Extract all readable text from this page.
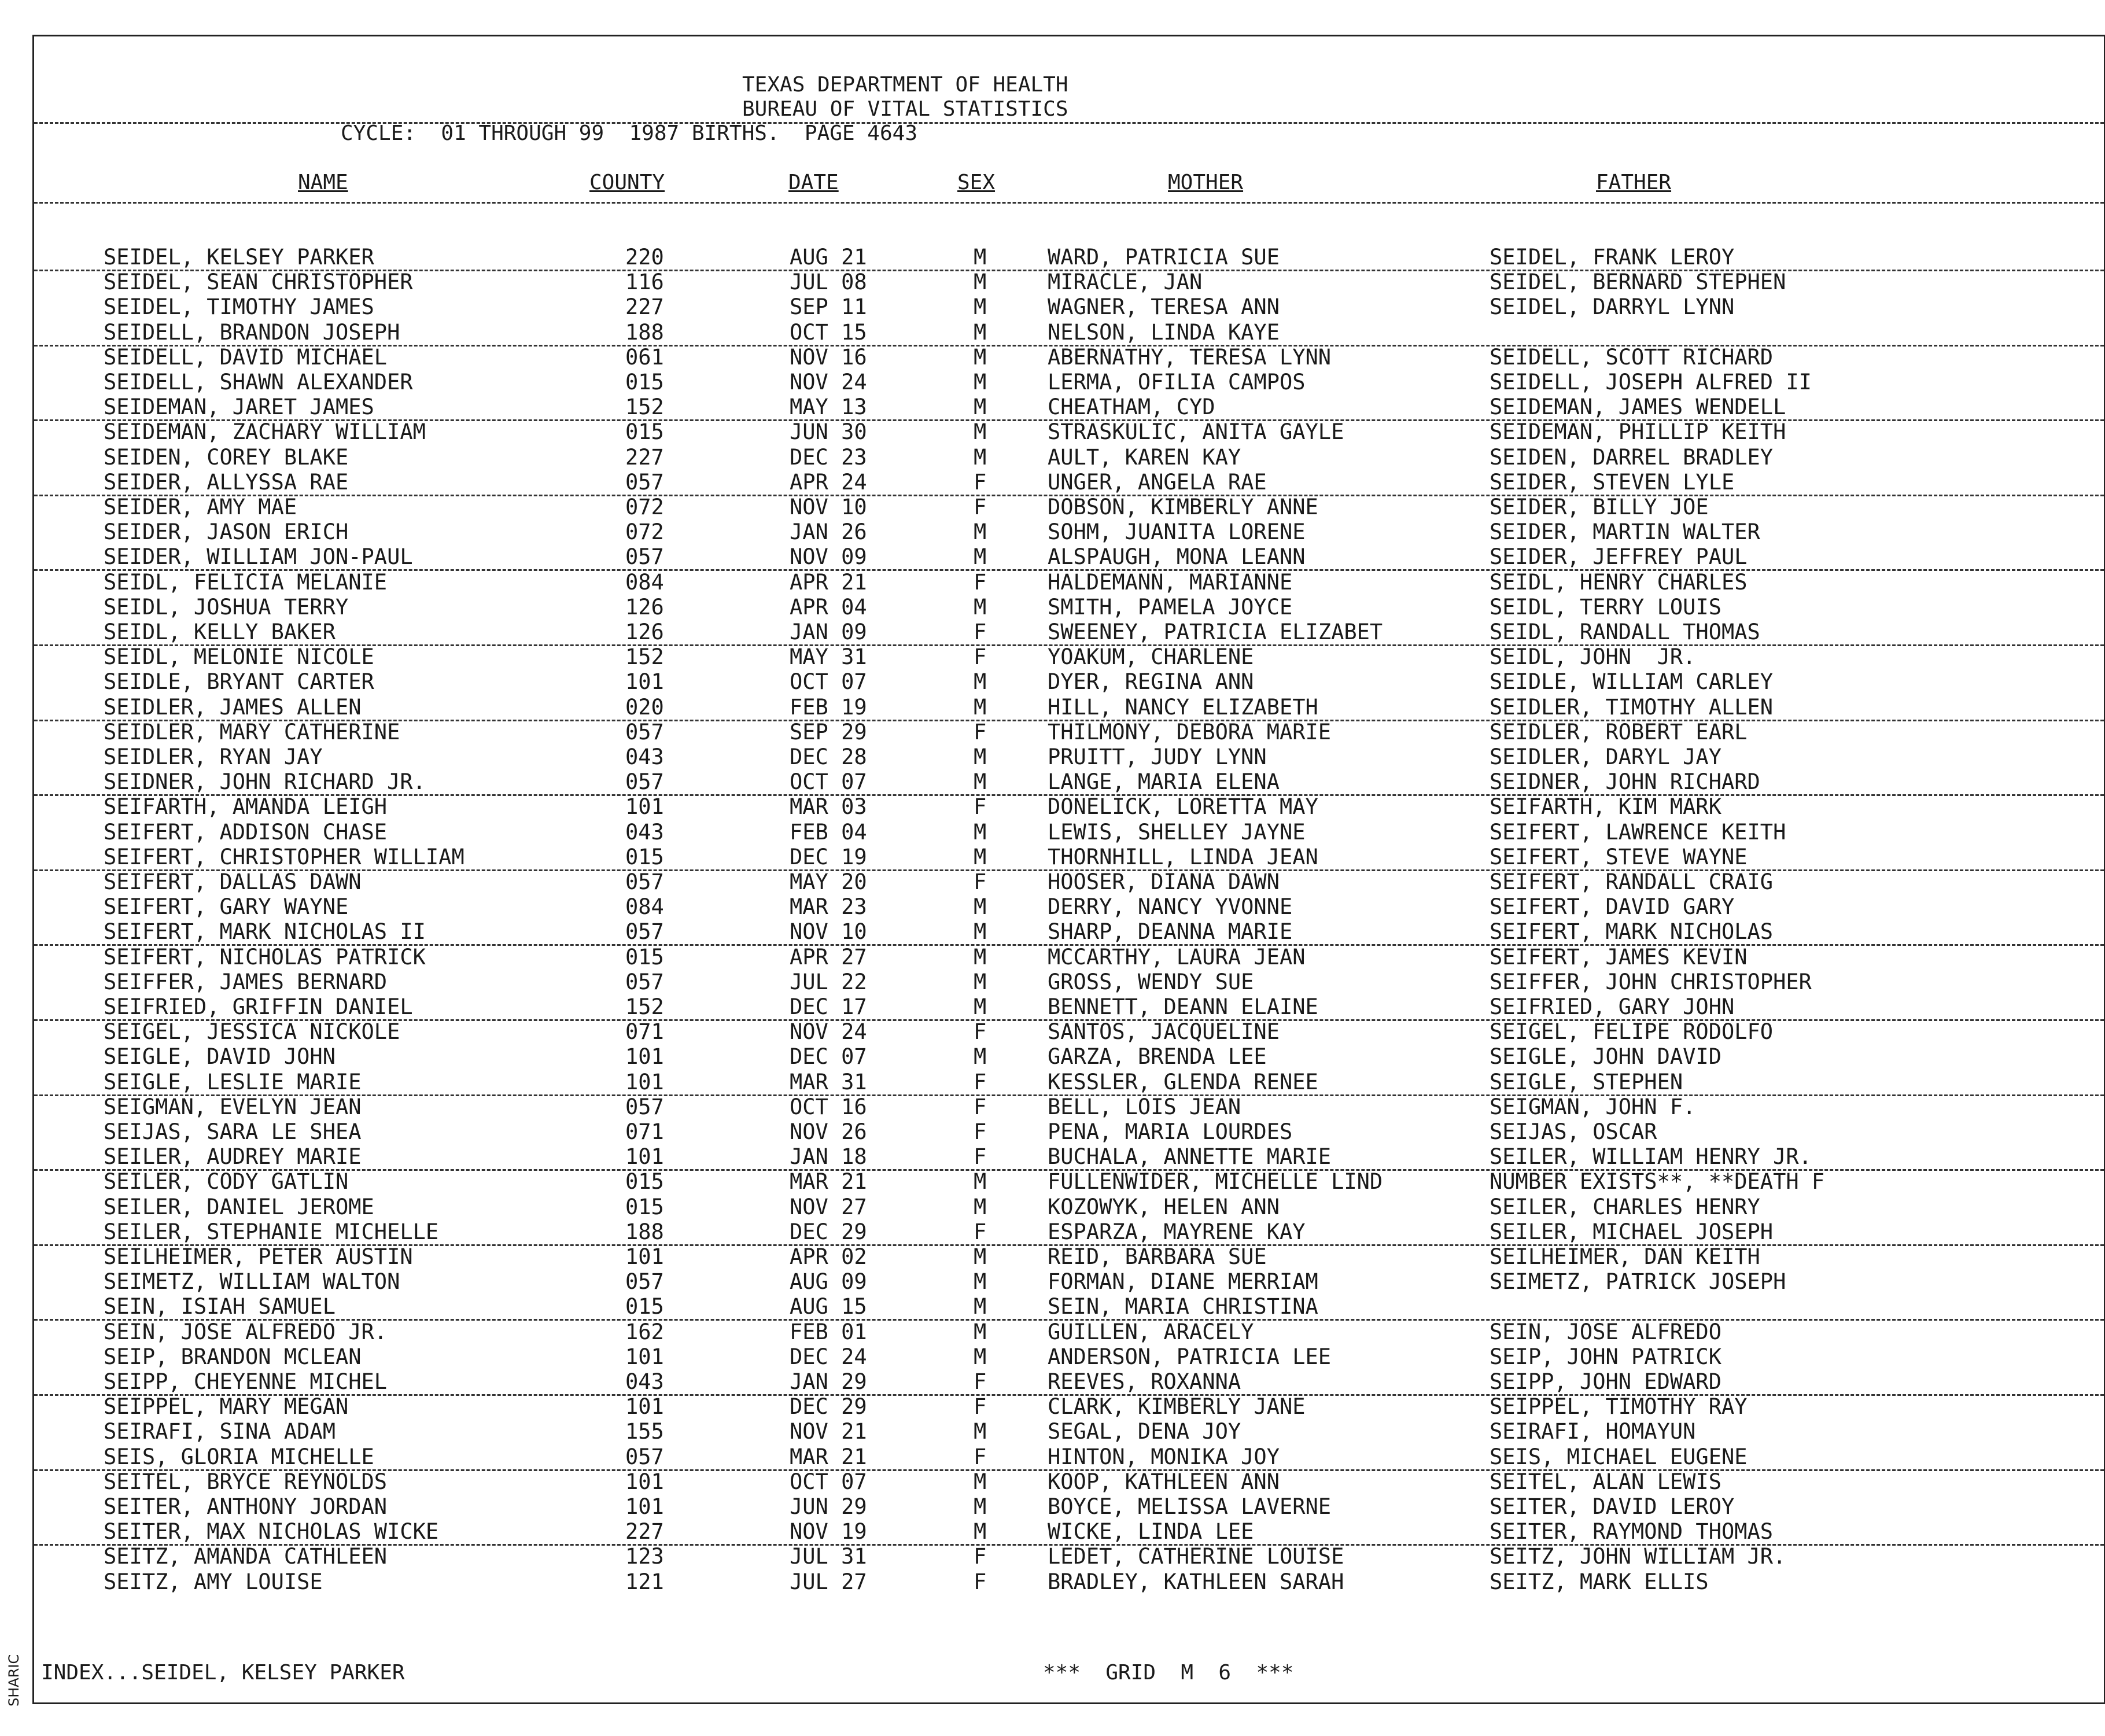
SHARIC
TEXAS DEPARTMENT OF HEALTH
BUREAU OF VITAL STATISTICS
CYCLE:  01 THROUGH 99  1987 BIRTHS.  PAGE 4643
NAME	COUNTY	DATE	SEX	MOTHER	FATHER
SEIDEL, KELSEY PARKER	220	AUG 21	M	WARD, PATRICIA SUE	SEIDEL, FRANK LEROY
SEIDEL, SEAN CHRISTOPHER	116	JUL 08	M	MIRACLE, JAN	SEIDEL, BERNARD STEPHEN
SEIDEL, TIMOTHY JAMES	227	SEP 11	M	WAGNER, TERESA ANN	SEIDEL, DARRYL LYNN
SEIDELL, BRANDON JOSEPH	188	OCT 15	M	NELSON, LINDA KAYE
SEIDELL, DAVID MICHAEL	061	NOV 16	M	ABERNATHY, TERESA LYNN	SEIDELL, SCOTT RICHARD
SEIDELL, SHAWN ALEXANDER	015	NOV 24	M	LERMA, OFILIA CAMPOS	SEIDELL, JOSEPH ALFRED II
SEIDEMAN, JARET JAMES	152	MAY 13	M	CHEATHAM, CYD	SEIDEMAN, JAMES WENDELL
SEIDEMAN, ZACHARY WILLIAM	015	JUN 30	M	STRASKULIC, ANITA GAYLE	SEIDEMAN, PHILLIP KEITH
SEIDEN, COREY BLAKE	227	DEC 23	M	AULT, KAREN KAY	SEIDEN, DARREL BRADLEY
SEIDER, ALLYSSA RAE	057	APR 24	F	UNGER, ANGELA RAE	SEIDER, STEVEN LYLE
SEIDER, AMY MAE	072	NOV 10	F	DOBSON, KIMBERLY ANNE	SEIDER, BILLY JOE
SEIDER, JASON ERICH	072	JAN 26	M	SOHM, JUANITA LORENE	SEIDER, MARTIN WALTER
SEIDER, WILLIAM JON-PAUL	057	NOV 09	M	ALSPAUGH, MONA LEANN	SEIDER, JEFFREY PAUL
SEIDL, FELICIA MELANIE	084	APR 21	F	HALDEMANN, MARIANNE	SEIDL, HENRY CHARLES
SEIDL, JOSHUA TERRY	126	APR 04	M	SMITH, PAMELA JOYCE	SEIDL, TERRY LOUIS
SEIDL, KELLY BAKER	126	JAN 09	F	SWEENEY, PATRICIA ELIZABET	SEIDL, RANDALL THOMAS
SEIDL, MELONIE NICOLE	152	MAY 31	F	YOAKUM, CHARLENE	SEIDL, JOHN  JR.
SEIDLE, BRYANT CARTER	101	OCT 07	M	DYER, REGINA ANN	SEIDLE, WILLIAM CARLEY
SEIDLER, JAMES ALLEN	020	FEB 19	M	HILL, NANCY ELIZABETH	SEIDLER, TIMOTHY ALLEN
SEIDLER, MARY CATHERINE	057	SEP 29	F	THILMONY, DEBORA MARIE	SEIDLER, ROBERT EARL
SEIDLER, RYAN JAY	043	DEC 28	M	PRUITT, JUDY LYNN	SEIDLER, DARYL JAY
SEIDNER, JOHN RICHARD JR.	057	OCT 07	M	LANGE, MARIA ELENA	SEIDNER, JOHN RICHARD
SEIFARTH, AMANDA LEIGH	101	MAR 03	F	DONELICK, LORETTA MAY	SEIFARTH, KIM MARK
SEIFERT, ADDISON CHASE	043	FEB 04	M	LEWIS, SHELLEY JAYNE	SEIFERT, LAWRENCE KEITH
SEIFERT, CHRISTOPHER WILLIAM	015	DEC 19	M	THORNHILL, LINDA JEAN	SEIFERT, STEVE WAYNE
SEIFERT, DALLAS DAWN	057	MAY 20	F	HOOSER, DIANA DAWN	SEIFERT, RANDALL CRAIG
SEIFERT, GARY WAYNE	084	MAR 23	M	DERRY, NANCY YVONNE	SEIFERT, DAVID GARY
SEIFERT, MARK NICHOLAS II	057	NOV 10	M	SHARP, DEANNA MARIE	SEIFERT, MARK NICHOLAS
SEIFERT, NICHOLAS PATRICK	015	APR 27	M	MCCARTHY, LAURA JEAN	SEIFERT, JAMES KEVIN
SEIFFER, JAMES BERNARD	057	JUL 22	M	GROSS, WENDY SUE	SEIFFER, JOHN CHRISTOPHER
SEIFRIED, GRIFFIN DANIEL	152	DEC 17	M	BENNETT, DEANN ELAINE	SEIFRIED, GARY JOHN
SEIGEL, JESSICA NICKOLE	071	NOV 24	F	SANTOS, JACQUELINE	SEIGEL, FELIPE RODOLFO
SEIGLE, DAVID JOHN	101	DEC 07	M	GARZA, BRENDA LEE	SEIGLE, JOHN DAVID
SEIGLE, LESLIE MARIE	101	MAR 31	F	KESSLER, GLENDA RENEE	SEIGLE, STEPHEN
SEIGMAN, EVELYN JEAN	057	OCT 16	F	BELL, LOIS JEAN	SEIGMAN, JOHN F.
SEIJAS, SARA LE SHEA	071	NOV 26	F	PENA, MARIA LOURDES	SEIJAS, OSCAR
SEILER, AUDREY MARIE	101	JAN 18	F	BUCHALA, ANNETTE MARIE	SEILER, WILLIAM HENRY JR.
SEILER, CODY GATLIN	015	MAR 21	M	FULLENWIDER, MICHELLE LIND	NUMBER EXISTS**, **DEATH F
SEILER, DANIEL JEROME	015	NOV 27	M	KOZOWYK, HELEN ANN	SEILER, CHARLES HENRY
SEILER, STEPHANIE MICHELLE	188	DEC 29	F	ESPARZA, MAYRENE KAY	SEILER, MICHAEL JOSEPH
SEILHEIMER, PETER AUSTIN	101	APR 02	M	REID, BARBARA SUE	SEILHEIMER, DAN KEITH
SEIMETZ, WILLIAM WALTON	057	AUG 09	M	FORMAN, DIANE MERRIAM	SEIMETZ, PATRICK JOSEPH
SEIN, ISIAH SAMUEL	015	AUG 15	M	SEIN, MARIA CHRISTINA
SEIN, JOSE ALFREDO JR.	162	FEB 01	M	GUILLEN, ARACELY	SEIN, JOSE ALFREDO
SEIP, BRANDON MCLEAN	101	DEC 24	M	ANDERSON, PATRICIA LEE	SEIP, JOHN PATRICK
SEIPP, CHEYENNE MICHEL	043	JAN 29	F	REEVES, ROXANNA	SEIPP, JOHN EDWARD
SEIPPEL, MARY MEGAN	101	DEC 29	F	CLARK, KIMBERLY JANE	SEIPPEL, TIMOTHY RAY
SEIRAFI, SINA ADAM	155	NOV 21	M	SEGAL, DENA JOY	SEIRAFI, HOMAYUN
SEIS, GLORIA MICHELLE	057	MAR 21	F	HINTON, MONIKA JOY	SEIS, MICHAEL EUGENE
SEITEL, BRYCE REYNOLDS	101	OCT 07	M	KOOP, KATHLEEN ANN	SEITEL, ALAN LEWIS
SEITER, ANTHONY JORDAN	101	JUN 29	M	BOYCE, MELISSA LAVERNE	SEITER, DAVID LEROY
SEITER, MAX NICHOLAS WICKE	227	NOV 19	M	WICKE, LINDA LEE	SEITER, RAYMOND THOMAS
SEITZ, AMANDA CATHLEEN	123	JUL 31	F	LEDET, CATHERINE LOUISE	SEITZ, JOHN WILLIAM JR.
SEITZ, AMY LOUISE	121	JUL 27	F	BRADLEY, KATHLEEN SARAH	SEITZ, MARK ELLIS
INDEX...SEIDEL, KELSEY PARKER	***  GRID  M  6  ***
